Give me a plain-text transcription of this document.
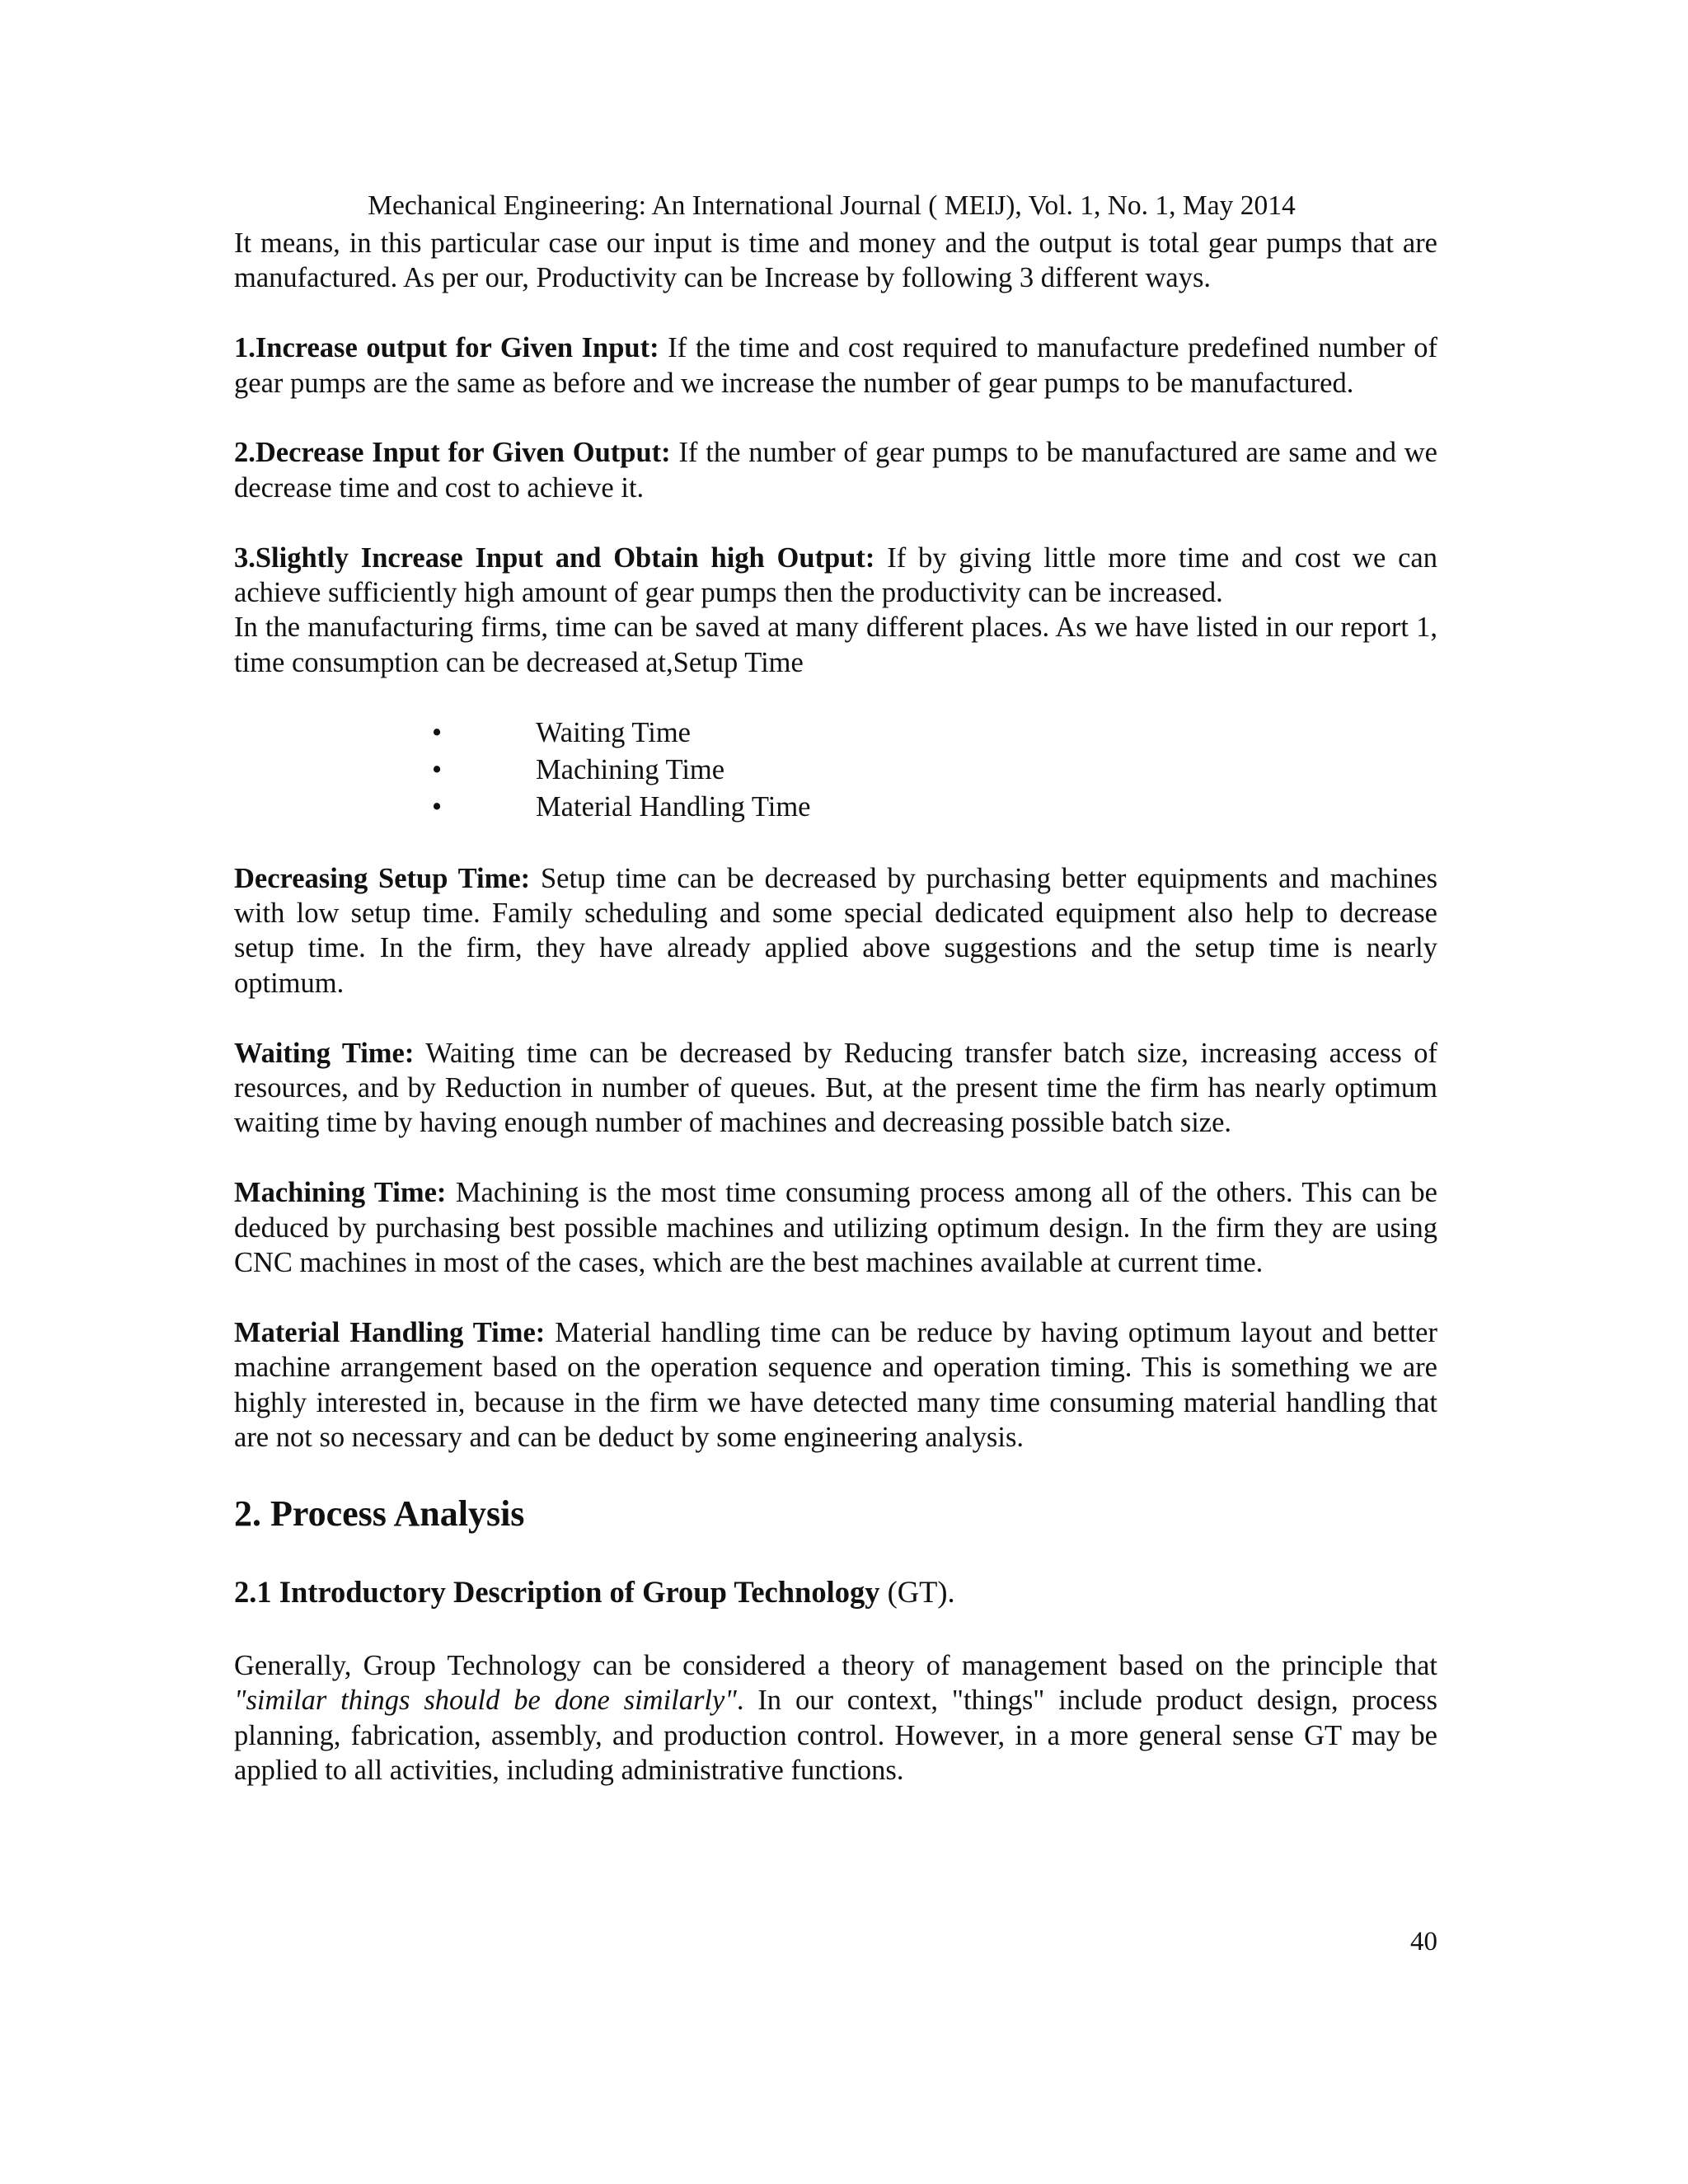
Mechanical Engineering: An International Journal ( MEIJ), Vol. 1, No. 1, May 2014

It means, in this particular case our input is time and money and the output is total gear pumps that are manufactured. As per our, Productivity can be Increase by following 3 different ways.

1.Increase output for Given Input: If the time and cost required to manufacture predefined number of gear pumps are the same as before and we increase the number of gear pumps to be manufactured.

2.Decrease Input for Given Output: If the number of gear pumps to be manufactured are same and we decrease time and cost to achieve it.

3.Slightly Increase Input and Obtain high Output: If by giving little more time and cost we can achieve sufficiently high amount of gear pumps then the productivity can be increased.

In the manufacturing firms, time can be saved at many different places. As we have listed in our report 1, time consumption can be decreased at,Setup Time

•	Waiting Time
•	Machining Time
•	Material Handling Time

Decreasing Setup Time: Setup time can be decreased by purchasing better equipments and machines with low setup time. Family scheduling and some special dedicated equipment also help to decrease setup time. In the firm, they have already applied above suggestions and the setup time is nearly optimum.

Waiting Time: Waiting time can be decreased by Reducing transfer batch size, increasing access of resources, and by Reduction in number of queues. But, at the present time the firm has nearly optimum waiting time by having enough number of machines and decreasing possible batch size.

Machining Time: Machining is the most time consuming process among all of the others. This can be deduced by purchasing best possible machines and utilizing optimum design. In the firm they are using CNC machines in most of the cases, which are the best machines available at current time.

Material Handling Time: Material handling time can be reduce by having optimum layout and better machine arrangement based on the operation sequence and operation timing. This is something we are highly interested in, because in the firm we have detected many time consuming material handling that are not so necessary and can be deduct by some engineering analysis.

2. Process Analysis
2.1 Introductory Description of Group Technology (GT).

Generally, Group Technology can be considered a theory of management based on the principle that "similar things should be done similarly". In our context, "things" include product design, process planning, fabrication, assembly, and production control. However, in a more general sense GT may be applied to all activities, including administrative functions.

40
